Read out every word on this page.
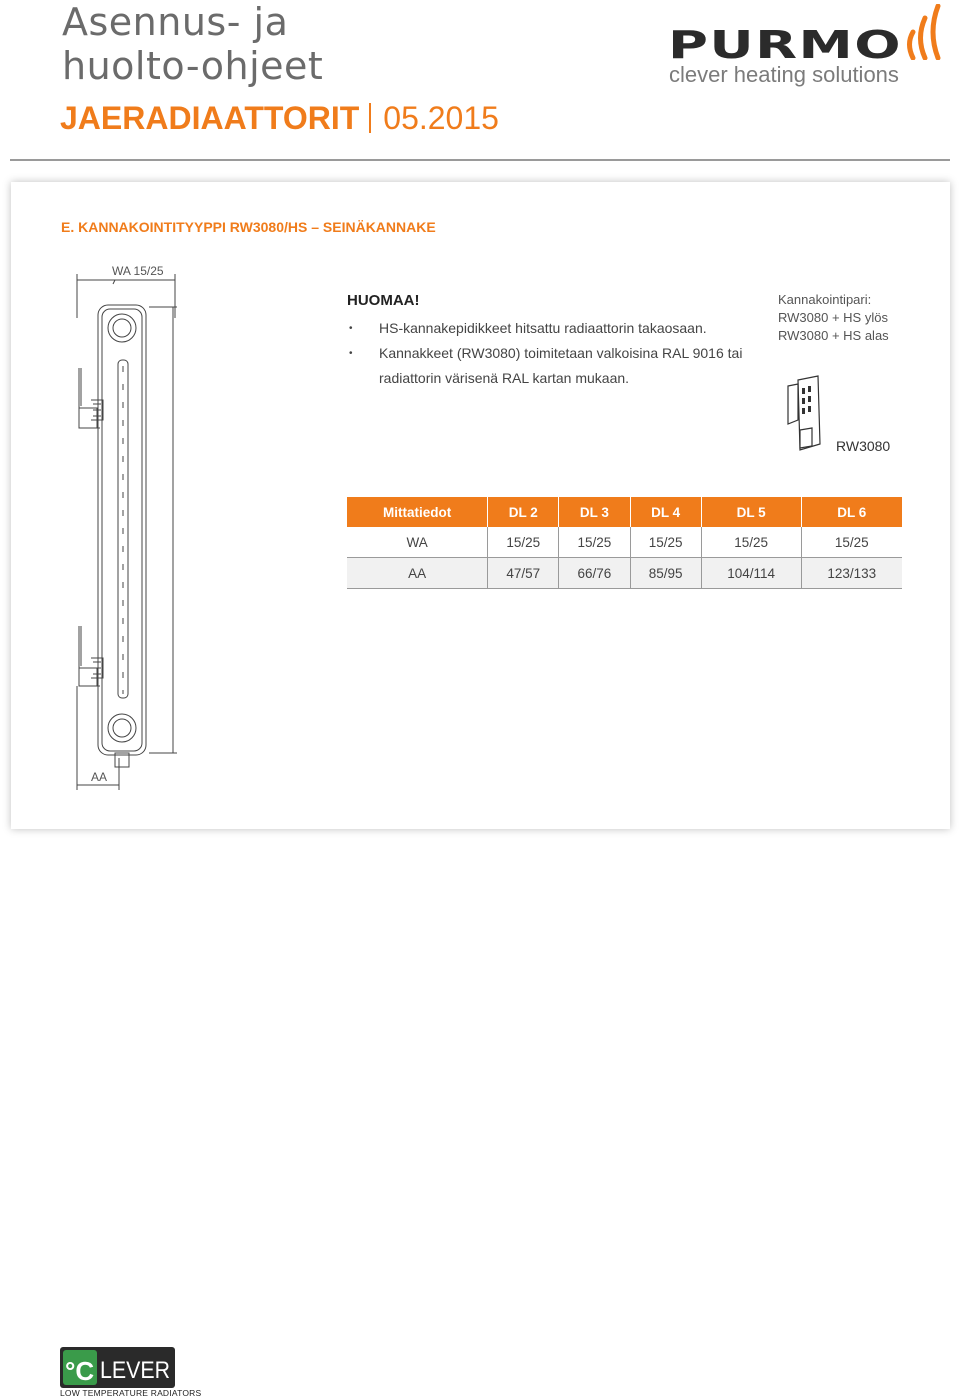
Asennus- ja
huolto-ohjeet
JAERADIAATTORIT 05.2015
PURMO
clever heating solutions
E. KANNAKOINTITYYPPI RW3080/HS – SEINÄKANNAKE
WA 15/25
AA
HUOMAA!
• HS-kannakepidikkeet hitsattu radiaattorin takaosaan.
• Kannakkeet (RW3080) toimitetaan valkoisina RAL 9016 tai radiattorin värisenä RAL kartan mukaan.
Kannakointipari:
RW3080 + HS ylös
RW3080 + HS alas
RW3080
Mittatiedot	DL 2	DL 3	DL 4	DL 5	DL 6
WA	15/25	15/25	15/25	15/25	15/25
AA	47/57	66/76	85/95	104/114	123/133
°C LEVER
LOW TEMPERATURE RADIATORS
